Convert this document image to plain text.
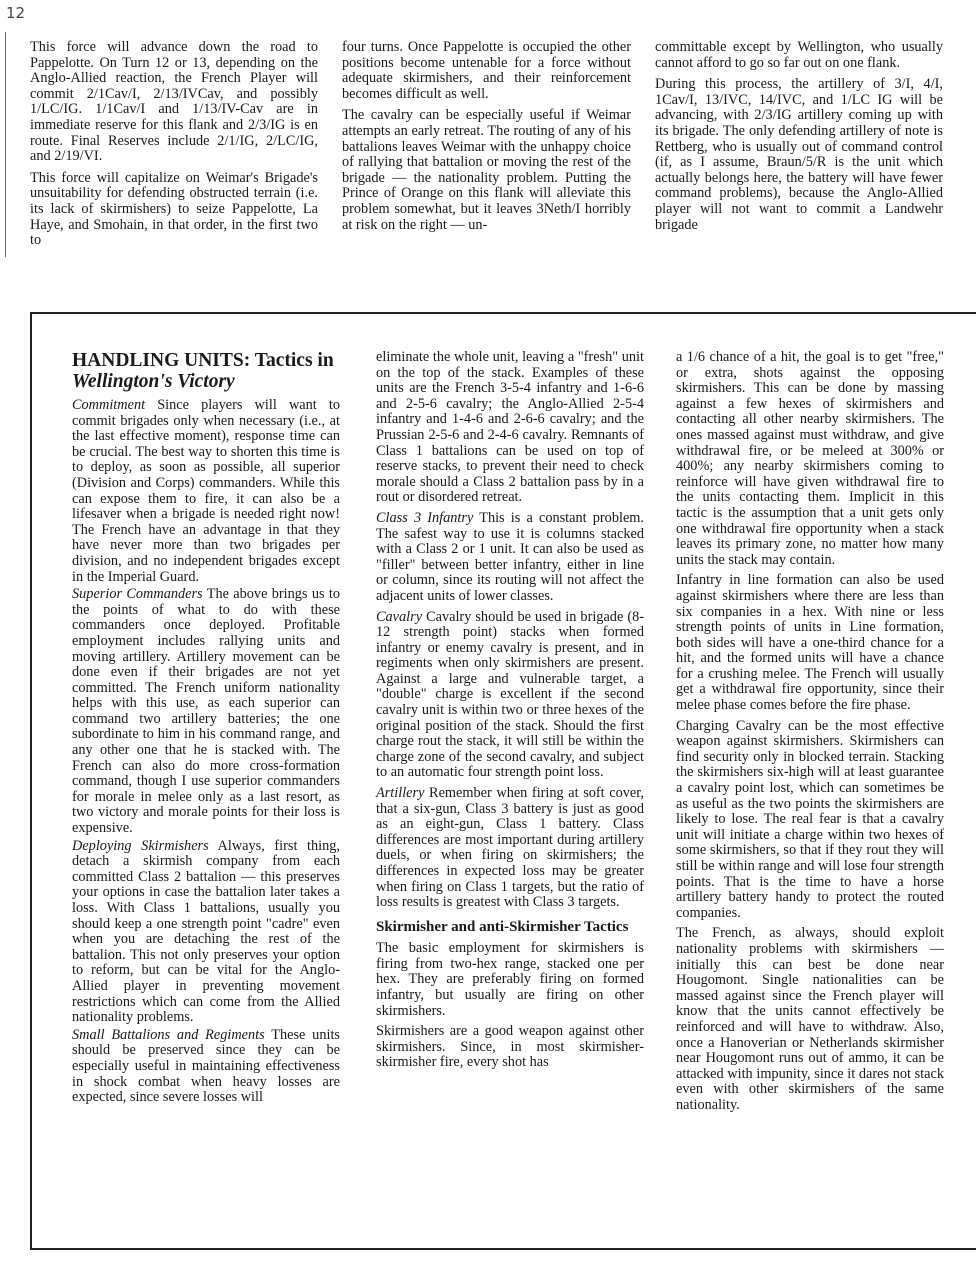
12

This force will advance down the road to Pappelotte. On Turn 12 or 13, depending on the Anglo-Allied reaction, the French Player will commit 2/1Cav/I, 2/13/IVCav, and possibly 1/LC/IG. 1/1Cav/I and 1/13/IV-Cav are in immediate reserve for this flank and 2/3/IG is en route. Final Reserves include 2/1/IG, 2/LC/IG, and 2/19/VI.

This force will capitalize on Weimar's Brigade's unsuitability for defending obstructed terrain (i.e. its lack of skirmishers) to seize Pappelotte, La Haye, and Smohain, in that order, in the first two to

four turns. Once Pappelotte is occupied the other positions become untenable for a force without adequate skirmishers, and their reinforcement becomes difficult as well.

The cavalry can be especially useful if Weimar attempts an early retreat. The routing of any of his battalions leaves Weimar with the unhappy choice of rallying that battalion or moving the rest of the brigade — the nationality problem. Putting the Prince of Orange on this flank will alleviate this problem somewhat, but it leaves 3Neth/I horribly at risk on the right — un-

committable except by Wellington, who usually cannot afford to go so far out on one flank.

During this process, the artillery of 3/I, 4/I, 1Cav/I, 13/IVC, 14/IVC, and 1/LC IG will be advancing, with 2/3/IG artillery coming up with its brigade. The only defending artillery of note is Rettberg, who is usually out of command control (if, as I assume, Braun/5/R is the unit which actually belongs here, the battery will have fewer command problems), because the Anglo-Allied player will not want to commit a Landwehr brigade

HANDLING UNITS: Tactics in Wellington's Victory

Commitment Since players will want to commit brigades only when necessary (i.e., at the last effective moment), response time can be crucial. The best way to shorten this time is to deploy, as soon as possible, all superior (Division and Corps) commanders. While this can expose them to fire, it can also be a lifesaver when a brigade is needed right now! The French have an advantage in that they have never more than two brigades per division, and no independent brigades except in the Imperial Guard.

Superior Commanders The above brings us to the points of what to do with these commanders once deployed. Profitable employment includes rallying units and moving artillery. Artillery movement can be done even if their brigades are not yet committed. The French uniform nationality helps with this use, as each superior can command two artillery batteries; the one subordinate to him in his command range, and any other one that he is stacked with. The French can also do more cross-formation command, though I use superior commanders for morale in melee only as a last resort, as two victory and morale points for their loss is expensive.

Deploying Skirmishers Always, first thing, detach a skirmish company from each committed Class 2 battalion — this preserves your options in case the battalion later takes a loss. With Class 1 battalions, usually you should keep a one strength point "cadre" even when you are detaching the rest of the battalion. This not only preserves your option to reform, but can be vital for the Anglo-Allied player in preventing movement restrictions which can come from the Allied nationality problems.

Small Battalions and Regiments These units should be preserved since they can be especially useful in maintaining effectiveness in shock combat when heavy losses are expected, since severe losses will

eliminate the whole unit, leaving a "fresh" unit on the top of the stack. Examples of these units are the French 3-5-4 infantry and 1-6-6 and 2-5-6 cavalry; the Anglo-Allied 2-5-4 infantry and 1-4-6 and 2-6-6 cavalry; and the Prussian 2-5-6 and 2-4-6 cavalry. Remnants of Class 1 battalions can be used on top of reserve stacks, to prevent their need to check morale should a Class 2 battalion pass by in a rout or disordered retreat.

Class 3 Infantry This is a constant problem. The safest way to use it is columns stacked with a Class 2 or 1 unit. It can also be used as "filler" between better infantry, either in line or column, since its routing will not affect the adjacent units of lower classes.

Cavalry Cavalry should be used in brigade (8-12 strength point) stacks when formed infantry or enemy cavalry is present, and in regiments when only skirmishers are present. Against a large and vulnerable target, a "double" charge is excellent if the second cavalry unit is within two or three hexes of the original position of the stack. Should the first charge rout the stack, it will still be within the charge zone of the second cavalry, and subject to an automatic four strength point loss.

Artillery Remember when firing at soft cover, that a six-gun, Class 3 battery is just as good as an eight-gun, Class 1 battery. Class differences are most important during artillery duels, or when firing on skirmishers; the differences in expected loss may be greater when firing on Class 1 targets, but the ratio of loss results is greatest with Class 3 targets.

Skirmisher and anti-Skirmisher Tactics

The basic employment for skirmishers is firing from two-hex range, stacked one per hex. They are preferably firing on formed infantry, but usually are firing on other skirmishers.

Skirmishers are a good weapon against other skirmishers. Since, in most skirmisher-skirmisher fire, every shot has

a 1/6 chance of a hit, the goal is to get "free," or extra, shots against the opposing skirmishers. This can be done by massing against a few hexes of skirmishers and contacting all other nearby skirmishers. The ones massed against must withdraw, and give withdrawal fire, or be meleed at 300% or 400%; any nearby skirmishers coming to reinforce will have given withdrawal fire to the units contacting them. Implicit in this tactic is the assumption that a unit gets only one withdrawal fire opportunity when a stack leaves its primary zone, no matter how many units the stack may contain.

Infantry in line formation can also be used against skirmishers where there are less than six companies in a hex. With nine or less strength points of units in Line formation, both sides will have a one-third chance for a hit, and the formed units will have a chance for a crushing melee. The French will usually get a withdrawal fire opportunity, since their melee phase comes before the fire phase.

Charging Cavalry can be the most effective weapon against skirmishers. Skirmishers can find security only in blocked terrain. Stacking the skirmishers six-high will at least guarantee a cavalry point lost, which can sometimes be as useful as the two points the skirmishers are likely to lose. The real fear is that a cavalry unit will initiate a charge within two hexes of some skirmishers, so that if they rout they will still be within range and will lose four strength points. That is the time to have a horse artillery battery handy to protect the routed companies.

The French, as always, should exploit nationality problems with skirmishers — initially this can best be done near Hougomont. Single nationalities can be massed against since the French player will know that the units cannot effectively be reinforced and will have to withdraw. Also, once a Hanoverian or Netherlands skirmisher near Hougomont runs out of ammo, it can be attacked with impunity, since it dares not stack even with other skirmishers of the same nationality.
